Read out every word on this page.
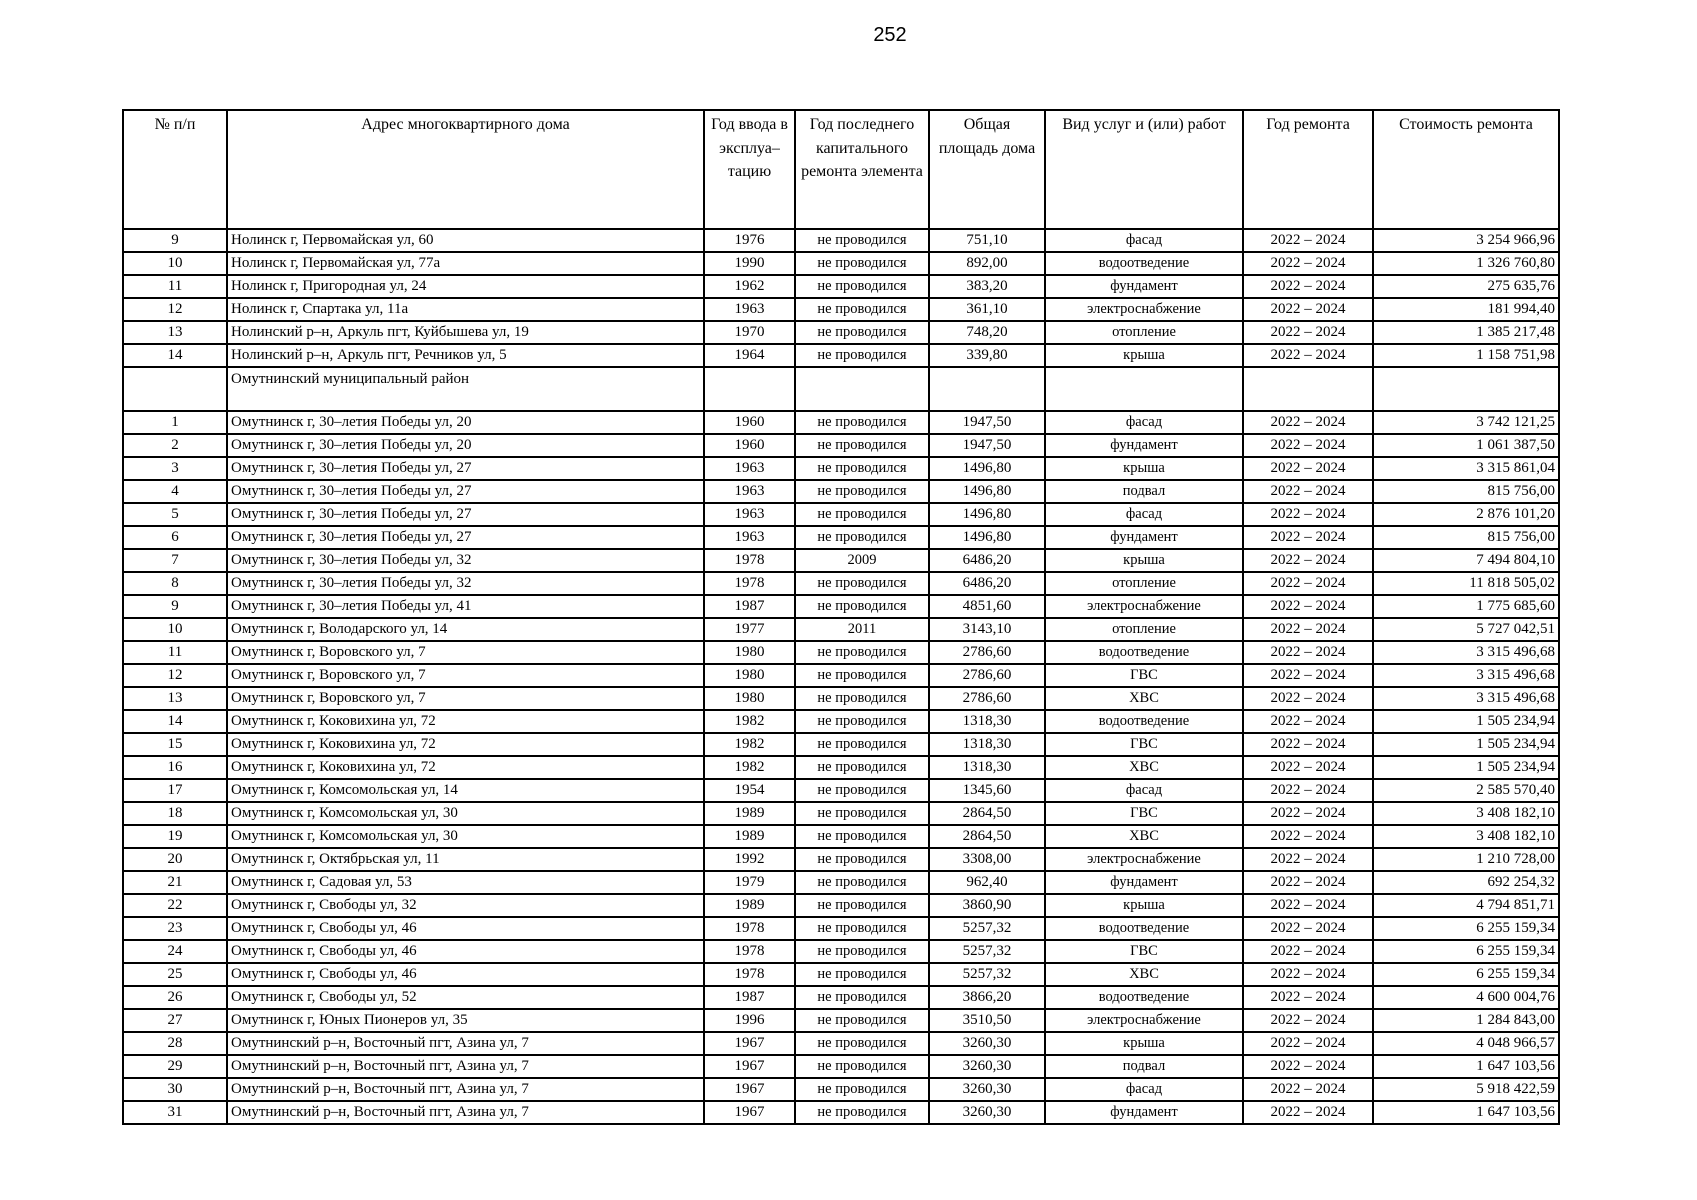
252
№ п/п	Адрес многоквартирного дома	Год ввода в эксплуа–тацию	Год последнего капитального ремонта элемента	Общая площадь дома	Вид услуг и (или) работ	Год ремонта	Стоимость ремонта
9	Нолинск г, Первомайская ул, 60	1976	не проводился	751,10	фасад	2022 – 2024	3 254 966,96
10	Нолинск г, Первомайская ул, 77а	1990	не проводился	892,00	водоотведение	2022 – 2024	1 326 760,80
11	Нолинск г, Пригородная ул, 24	1962	не проводился	383,20	фундамент	2022 – 2024	275 635,76
12	Нолинск г, Спартака ул, 11а	1963	не проводился	361,10	электроснабжение	2022 – 2024	181 994,40
13	Нолинский р–н, Аркуль пгт, Куйбышева ул, 19	1970	не проводился	748,20	отопление	2022 – 2024	1 385 217,48
14	Нолинский р–н, Аркуль пгт, Речников ул, 5	1964	не проводился	339,80	крыша	2022 – 2024	1 158 751,98
	Омутнинский муниципальный район						
1	Омутнинск г, 30–летия Победы ул, 20	1960	не проводился	1947,50	фасад	2022 – 2024	3 742 121,25
2	Омутнинск г, 30–летия Победы ул, 20	1960	не проводился	1947,50	фундамент	2022 – 2024	1 061 387,50
3	Омутнинск г, 30–летия Победы ул, 27	1963	не проводился	1496,80	крыша	2022 – 2024	3 315 861,04
4	Омутнинск г, 30–летия Победы ул, 27	1963	не проводился	1496,80	подвал	2022 – 2024	815 756,00
5	Омутнинск г, 30–летия Победы ул, 27	1963	не проводился	1496,80	фасад	2022 – 2024	2 876 101,20
6	Омутнинск г, 30–летия Победы ул, 27	1963	не проводился	1496,80	фундамент	2022 – 2024	815 756,00
7	Омутнинск г, 30–летия Победы ул, 32	1978	2009	6486,20	крыша	2022 – 2024	7 494 804,10
8	Омутнинск г, 30–летия Победы ул, 32	1978	не проводился	6486,20	отопление	2022 – 2024	11 818 505,02
9	Омутнинск г, 30–летия Победы ул, 41	1987	не проводился	4851,60	электроснабжение	2022 – 2024	1 775 685,60
10	Омутнинск г, Володарского ул, 14	1977	2011	3143,10	отопление	2022 – 2024	5 727 042,51
11	Омутнинск г, Воровского ул, 7	1980	не проводился	2786,60	водоотведение	2022 – 2024	3 315 496,68
12	Омутнинск г, Воровского ул, 7	1980	не проводился	2786,60	ГВС	2022 – 2024	3 315 496,68
13	Омутнинск г, Воровского ул, 7	1980	не проводился	2786,60	ХВС	2022 – 2024	3 315 496,68
14	Омутнинск г, Коковихина ул, 72	1982	не проводился	1318,30	водоотведение	2022 – 2024	1 505 234,94
15	Омутнинск г, Коковихина ул, 72	1982	не проводился	1318,30	ГВС	2022 – 2024	1 505 234,94
16	Омутнинск г, Коковихина ул, 72	1982	не проводился	1318,30	ХВС	2022 – 2024	1 505 234,94
17	Омутнинск г, Комсомольская ул, 14	1954	не проводился	1345,60	фасад	2022 – 2024	2 585 570,40
18	Омутнинск г, Комсомольская ул, 30	1989	не проводился	2864,50	ГВС	2022 – 2024	3 408 182,10
19	Омутнинск г, Комсомольская ул, 30	1989	не проводился	2864,50	ХВС	2022 – 2024	3 408 182,10
20	Омутнинск г, Октябрьская ул, 11	1992	не проводился	3308,00	электроснабжение	2022 – 2024	1 210 728,00
21	Омутнинск г, Садовая ул, 53	1979	не проводился	962,40	фундамент	2022 – 2024	692 254,32
22	Омутнинск г, Свободы ул, 32	1989	не проводился	3860,90	крыша	2022 – 2024	4 794 851,71
23	Омутнинск г, Свободы ул, 46	1978	не проводился	5257,32	водоотведение	2022 – 2024	6 255 159,34
24	Омутнинск г, Свободы ул, 46	1978	не проводился	5257,32	ГВС	2022 – 2024	6 255 159,34
25	Омутнинск г, Свободы ул, 46	1978	не проводился	5257,32	ХВС	2022 – 2024	6 255 159,34
26	Омутнинск г, Свободы ул, 52	1987	не проводился	3866,20	водоотведение	2022 – 2024	4 600 004,76
27	Омутнинск г, Юных Пионеров ул, 35	1996	не проводился	3510,50	электроснабжение	2022 – 2024	1 284 843,00
28	Омутнинский р–н, Восточный пгт, Азина ул, 7	1967	не проводился	3260,30	крыша	2022 – 2024	4 048 966,57
29	Омутнинский р–н, Восточный пгт, Азина ул, 7	1967	не проводился	3260,30	подвал	2022 – 2024	1 647 103,56
30	Омутнинский р–н, Восточный пгт, Азина ул, 7	1967	не проводился	3260,30	фасад	2022 – 2024	5 918 422,59
31	Омутнинский р–н, Восточный пгт, Азина ул, 7	1967	не проводился	3260,30	фундамент	2022 – 2024	1 647 103,56
